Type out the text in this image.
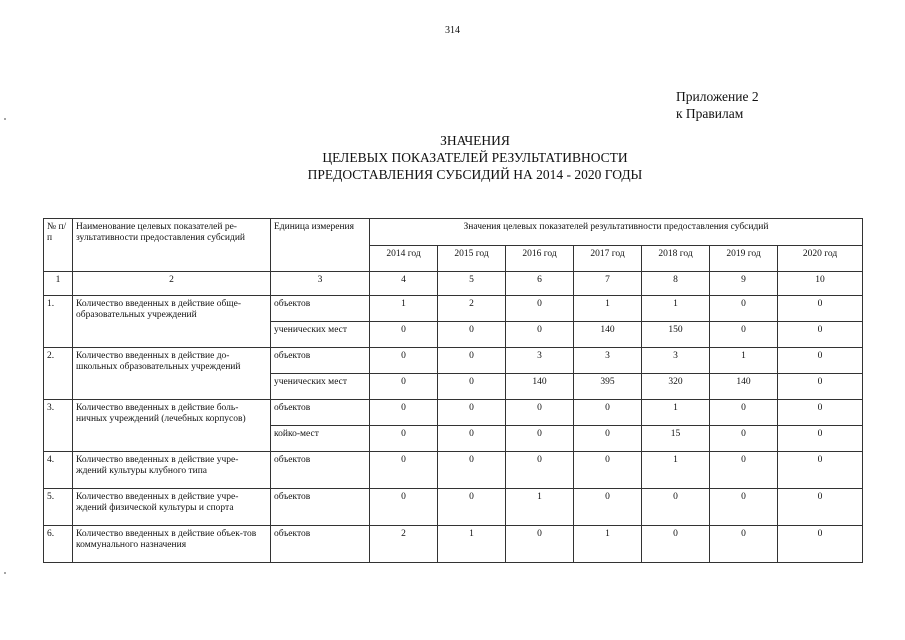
314
Приложение 2
к Правилам
ЗНАЧЕНИЯ
ЦЕЛЕВЫХ ПОКАЗАТЕЛЕЙ РЕЗУЛЬТАТИВНОСТИ
ПРЕДОСТАВЛЕНИЯ СУБСИДИЙ НА 2014 - 2020 ГОДЫ
№ п/п	Наименование целевых показателей ре-зультативности предоставления субсидий	Единица измерения	Значения целевых показателей результативности предоставления субсидий						
			2014 год	2015 год	2016 год	2017 год	2018 год	2019 год	2020 год
1	2	3	4	5	6	7	8	9	10
1.	Количество введенных в действие обще-образовательных учреждений	объектов	1	2	0	1	1	0	0
		ученических мест	0	0	0	140	150	0	0
2.	Количество введенных в действие до-школьных образовательных учреждений	объектов	0	0	3	3	3	1	0
		ученических мест	0	0	140	395	320	140	0
3.	Количество введенных в действие боль-ничных учреждений (лечебных корпусов)	объектов	0	0	0	0	1	0	0
		койко-мест	0	0	0	0	15	0	0
4.	Количество введенных в действие учре-ждений культуры клубного типа	объектов	0	0	0	0	1	0	0
5.	Количество введенных в действие учре-ждений физической культуры и спорта	объектов	0	0	1	0	0	0	0
6.	Количество введенных в действие объек-тов коммунального назначения	объектов	2	1	0	1	0	0	0
